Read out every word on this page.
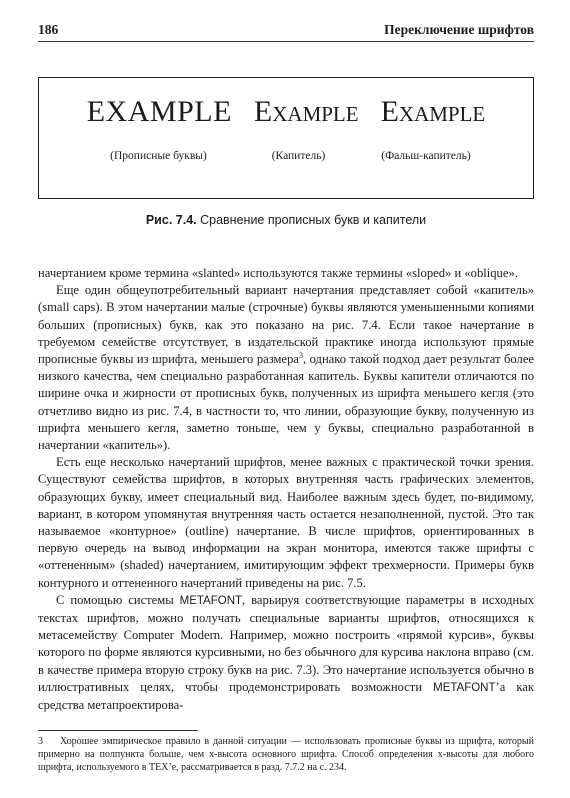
186	Переключение шрифтов
EXAMPLE Example EXAMPLE
(Прописные буквы)	(Капитель)	(Фальш-капитель)
Рис. 7.4. Сравнение прописных букв и капители

начертанием кроме термина «slanted» используются также термины «sloped» и «oblique».

Еще один общеупотребительный вариант начертания представляет собой «капитель» (small caps). В этом начертании малые (строчные) буквы являются уменьшенными копиями больших (прописных) букв, как это показано на рис. 7.4. Если такое начертание в требуемом семействе отсутствует, в издательской практике иногда используют прямые прописные буквы из шрифта, меньшего размера$^3$, однако такой подход дает результат более низкого качества, чем специально разработанная капитель. Буквы капители отличаются по ширине очка и жирности от прописных букв, полученных из шрифта меньшего кегля (это отчетливо видно из рис. 7.4, в частности то, что линии, образующие букву, полученную из шрифта меньшего кегля, заметно тоньше, чем у буквы, специально разработанной в начертании «капитель»).

Есть еще несколько начертаний шрифтов, менее важных с практической точки зрения. Существуют семейства шрифтов, в которых внутренняя часть графических элементов, образующих букву, имеет специальный вид. Наиболее важным здесь будет, по-видимому, вариант, в котором упомянутая внутренняя часть остается незаполненной, пустой. Это так называемое «контурное» (outline) начертание. В числе шрифтов, ориентированных в первую очередь на вывод информации на экран монитора, имеются также шрифты с «оттененным» (shaded) начертанием, имитирующим эффект трехмерности. Примеры букв контурного и оттененного начертаний приведены на рис. 7.5.

С помощью системы METAFONT, варьируя соответствующие параметры в исходных текстах шрифтов, можно получать специальные варианты шрифтов, относящихся к метасемейству Computer Modern. Например, можно построить «прямой курсив», буквы которого по форме являются курсивными, но без обычного для курсива наклона вправо (см. в качестве примера вторую строку букв на рис. 7.3). Это начертание используется обычно в иллюстративных целях, чтобы продемонстрировать возможности METAFONT’а как средства метапроектирова-

3 Хорошее эмпирическое правило в данной ситуации — использовать прописные буквы из шрифта, который примерно на полпункта больше, чем x-высота основного шрифта. Способ определения x-высоты для любого шрифта, используемого в TEX’е, рассматривается в разд. 7.7.2 на с. 234.
